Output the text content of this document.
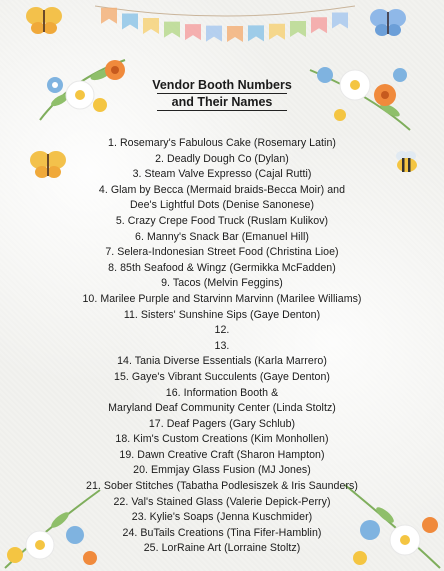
Vendor Booth Numbers
and Their Names
1. Rosemary's Fabulous Cake (Rosemary Latin)
2. Deadly Dough Co (Dylan)
3. Steam Valve Expresso (Cajal Rutti)
4. Glam by Becca (Mermaid braids-Becca Moir) and
Dee's Lightful Dots (Denise Sanonese)
5. Crazy Crepe Food Truck (Ruslam Kulikov)
6. Manny's Snack Bar (Emanuel Hill)
7. Selera-Indonesian Street Food (Christina Lioe)
8. 85th Seafood & Wingz (Germikka McFadden)
9. Tacos (Melvin Feggins)
10. Marilee Purple and Starvinn Marvinn (Marilee Williams)
11. Sisters' Sunshine Sips (Gaye Denton)
12.
13.
14. Tania Diverse Essentials (Karla Marrero)
15. Gaye's Vibrant Succulents (Gaye Denton)
16. Information Booth &
Maryland Deaf Community Center (Linda Stoltz)
17. Deaf Pagers (Gary Schlub)
18. Kim's Custom Creations (Kim Monhollen)
19. Dawn Creative Craft (Sharon Hampton)
20. Emmjay Glass Fusion (MJ Jones)
21. Sober Stitches (Tabatha Podlesiszek & Iris Saunders)
22. Val's Stained Glass (Valerie Depick-Perry)
23. Kylie's Soaps (Jenna Kuschmider)
24. BuTails Creations (Tina Fifer-Hamblin)
25. LorRaine Art (Lorraine Stoltz)
